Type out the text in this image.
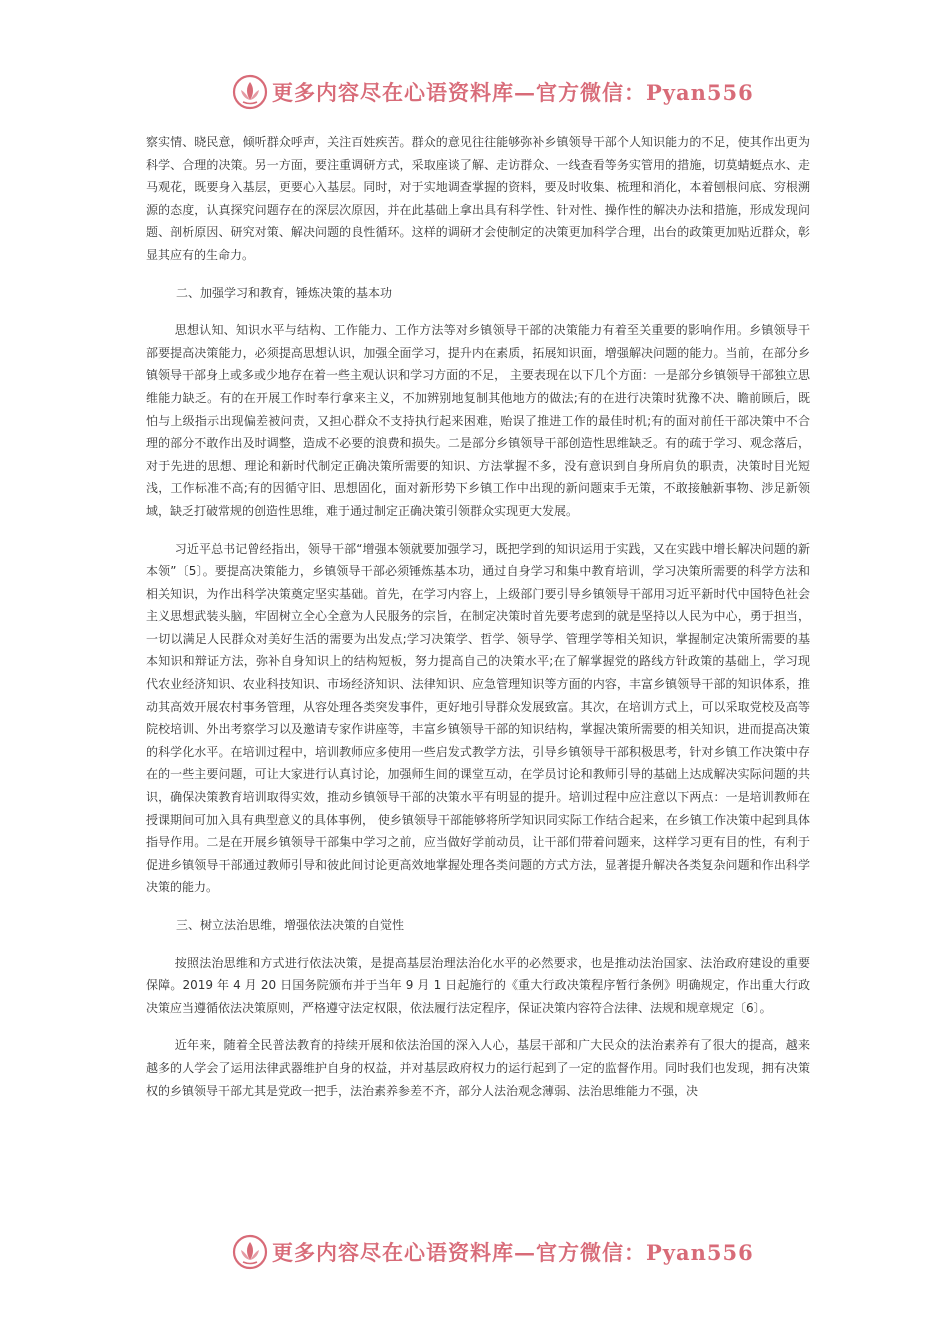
更多内容尽在心语资料库—官方微信：Pyan556

察实情、晓民意，倾听群众呼声，关注百姓疾苦。群众的意见往往能够弥补乡镇领导干部个人知识能力的不足，使其作出更为科学、合理的决策。另一方面，要注重调研方式，采取座谈了解、走访群众、一线查看等务实管用的措施，切莫蜻蜓点水、走马观花，既要身入基层，更要心入基层。同时，对于实地调查掌握的资料，要及时收集、梳理和消化，本着刨根问底、穷根溯源的态度，认真探究问题存在的深层次原因，并在此基础上拿出具有科学性、针对性、操作性的解决办法和措施，形成发现问题、剖析原因、研究对策、解决问题的良性循环。这样的调研才会使制定的决策更加科学合理，出台的政策更加贴近群众，彰显其应有的生命力。

二、加强学习和教育，锤炼决策的基本功

思想认知、知识水平与结构、工作能力、工作方法等对乡镇领导干部的决策能力有着至关重要的影响作用。乡镇领导干部要提高决策能力，必须提高思想认识，加强全面学习，提升内在素质，拓展知识面，增强解决问题的能力。当前，在部分乡镇领导干部身上或多或少地存在着一些主观认识和学习方面的不足， 主要表现在以下几个方面：一是部分乡镇领导干部独立思维能力缺乏。有的在开展工作时奉行拿来主义，不加辨别地复制其他地方的做法;有的在进行决策时犹豫不决、瞻前顾后，既怕与上级指示出现偏差被问责，又担心群众不支持执行起来困难，贻误了推进工作的最佳时机;有的面对前任干部决策中不合理的部分不敢作出及时调整，造成不必要的浪费和损失。二是部分乡镇领导干部创造性思维缺乏。有的疏于学习、观念落后，对于先进的思想、理论和新时代制定正确决策所需要的知识、方法掌握不多，没有意识到自身所肩负的职责，决策时目光短浅，工作标准不高;有的因循守旧、思想固化，面对新形势下乡镇工作中出现的新问题束手无策，不敢接触新事物、涉足新领域，缺乏打破常规的创造性思维，难于通过制定正确决策引领群众实现更大发展。

习近平总书记曾经指出，领导干部“增强本领就要加强学习，既把学到的知识运用于实践，又在实践中增长解决问题的新本领”〔5〕。要提高决策能力，乡镇领导干部必须锤炼基本功，通过自身学习和集中教育培训，学习决策所需要的科学方法和相关知识，为作出科学决策奠定坚实基础。首先，在学习内容上，上级部门要引导乡镇领导干部用习近平新时代中国特色社会主义思想武装头脑，牢固树立全心全意为人民服务的宗旨，在制定决策时首先要考虑到的就是坚持以人民为中心，勇于担当，一切以满足人民群众对美好生活的需要为出发点;学习决策学、哲学、领导学、管理学等相关知识，掌握制定决策所需要的基本知识和辩证方法，弥补自身知识上的结构短板，努力提高自己的决策水平;在了解掌握党的路线方针政策的基础上，学习现代农业经济知识、农业科技知识、市场经济知识、法律知识、应急管理知识等方面的内容，丰富乡镇领导干部的知识体系，推动其高效开展农村事务管理，从容处理各类突发事件，更好地引导群众发展致富。其次，在培训方式上，可以采取党校及高等院校培训、外出考察学习以及邀请专家作讲座等，丰富乡镇领导干部的知识结构，掌握决策所需要的相关知识，进而提高决策的科学化水平。在培训过程中，培训教师应多使用一些启发式教学方法，引导乡镇领导干部积极思考，针对乡镇工作决策中存在的一些主要问题，可让大家进行认真讨论，加强师生间的课堂互动，在学员讨论和教师引导的基础上达成解决实际问题的共识，确保决策教育培训取得实效，推动乡镇领导干部的决策水平有明显的提升。培训过程中应注意以下两点：一是培训教师在授课期间可加入具有典型意义的具体事例， 使乡镇领导干部能够将所学知识同实际工作结合起来，在乡镇工作决策中起到具体指导作用。二是在开展乡镇领导干部集中学习之前，应当做好学前动员，让干部们带着问题来，这样学习更有目的性，有利于促进乡镇领导干部通过教师引导和彼此间讨论更高效地掌握处理各类问题的方式方法，显著提升解决各类复杂问题和作出科学决策的能力。

三、树立法治思维，增强依法决策的自觉性

按照法治思维和方式进行依法决策，是提高基层治理法治化水平的必然要求，也是推动法治国家、法治政府建设的重要保障。2019 年 4 月 20 日国务院颁布并于当年 9 月 1 日起施行的《重大行政决策程序暂行条例》明确规定，作出重大行政决策应当遵循依法决策原则，严格遵守法定权限，依法履行法定程序，保证决策内容符合法律、法规和规章规定〔6〕。

近年来，随着全民普法教育的持续开展和依法治国的深入人心，基层干部和广大民众的法治素养有了很大的提高，越来越多的人学会了运用法律武器维护自身的权益，并对基层政府权力的运行起到了一定的监督作用。同时我们也发现，拥有决策权的乡镇领导干部尤其是党政一把手，法治素养参差不齐，部分人法治观念薄弱、法治思维能力不强，决

更多内容尽在心语资料库—官方微信：Pyan556
